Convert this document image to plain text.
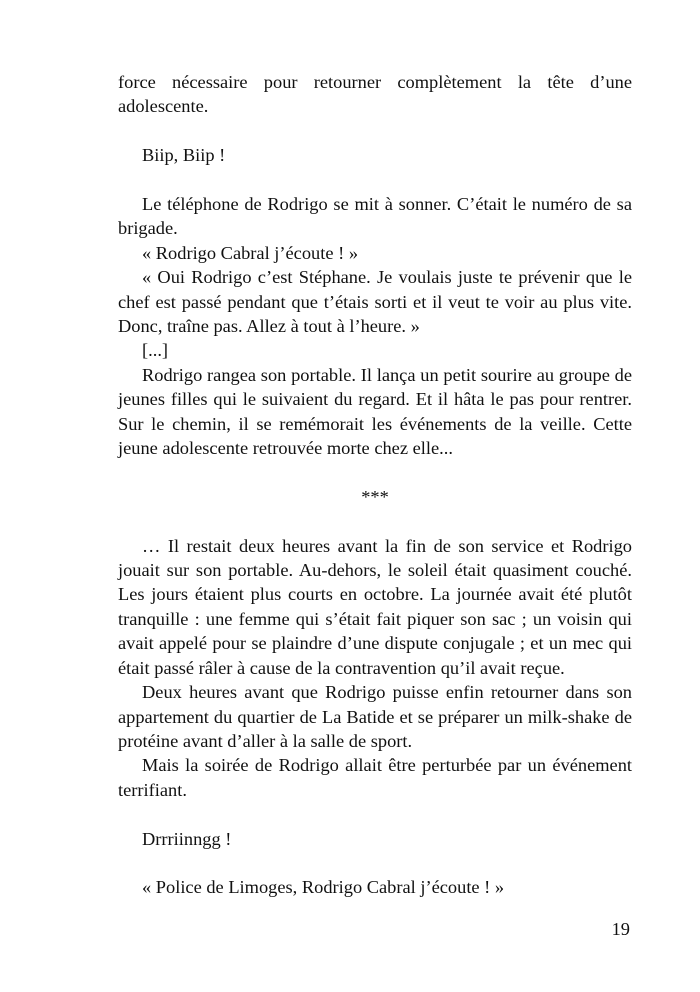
force nécessaire pour retourner complètement la tête d’une adolescente.

Biip, Biip !

Le téléphone de Rodrigo se mit à sonner. C’était le numéro de sa brigade.

« Rodrigo Cabral j’écoute ! »

« Oui Rodrigo c’est Stéphane. Je voulais juste te prévenir que le chef est passé pendant que t’étais sorti et il veut te voir au plus vite. Donc, traîne pas. Allez à tout à l’heure. »

[...]

Rodrigo rangea son portable. Il lança un petit sourire au groupe de jeunes filles qui le suivaient du regard. Et il hâta le pas pour rentrer. Sur le chemin, il se remémorait les événements de la veille. Cette jeune adolescente retrouvée morte chez elle...

***

… Il restait deux heures avant la fin de son service et Rodrigo jouait sur son portable. Au-dehors, le soleil était quasiment couché. Les jours étaient plus courts en octobre. La journée avait été plutôt tranquille : une femme qui s’était fait piquer son sac ; un voisin qui avait appelé pour se plaindre d’une dispute conjugale ; et un mec qui était passé râler à cause de la contravention qu’il avait reçue.

Deux heures avant que Rodrigo puisse enfin retourner dans son appartement du quartier de La Batide et se préparer un milk-shake de protéine avant d’aller à la salle de sport.

Mais la soirée de Rodrigo allait être perturbée par un événement terrifiant.

Drrriinngg !

« Police de Limoges, Rodrigo Cabral j’écoute ! »

19
